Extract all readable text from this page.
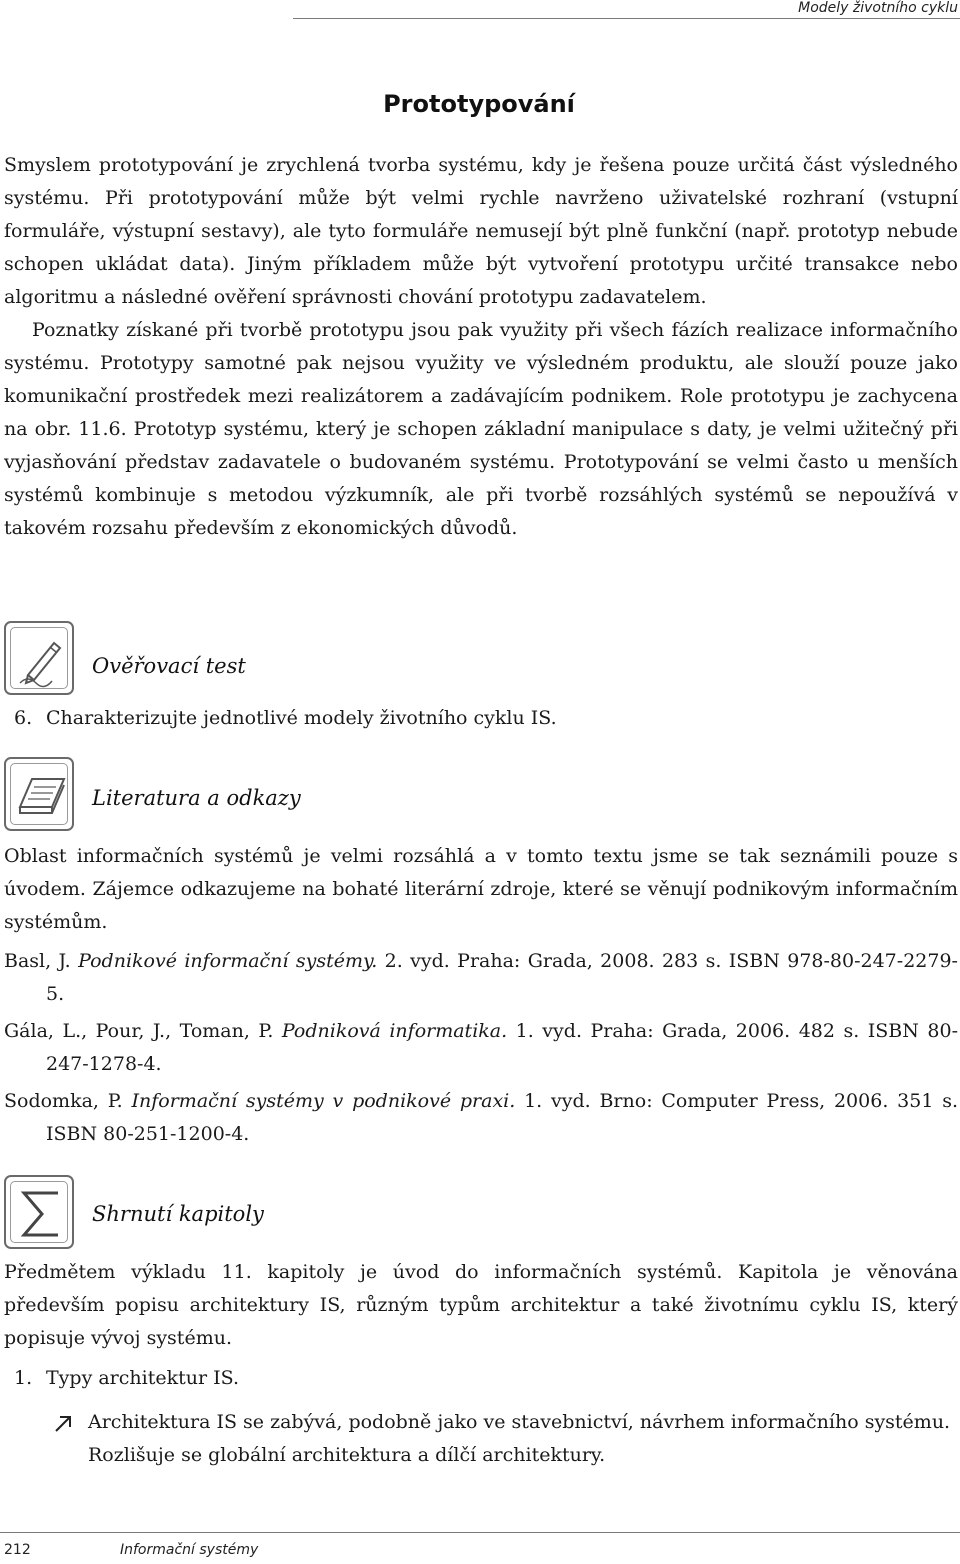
Modely životního cyklu
Prototypování

Smyslem prototypování je zrychlená tvorba systému, kdy je řešena pouze určitá část výsledného systému. Při prototypování může být velmi rychle navrženo uživatelské rozhraní (vstupní formuláře, výstupní sestavy), ale tyto formuláře nemusejí být plně funkční (např. prototyp nebude schopen ukládat data). Jiným příkladem může být vytvoření prototypu určité transakce nebo algoritmu a následné ověření správnosti chování prototypu zadavatelem.

Poznatky získané při tvorbě prototypu jsou pak využity při všech fázích realizace informačního systému. Prototypy samotné pak nejsou využity ve výsledném produktu, ale slouží pouze jako komunikační prostředek mezi realizátorem a zadávajícím podnikem. Role prototypu je zachycena na obr. 11.6. Prototyp systému, který je schopen základní manipulace s daty, je velmi užitečný při vyjasňování představ zadavatele o budovaném systému. Prototypování se velmi často u menších systémů kombinuje s metodou výzkumník, ale při tvorbě rozsáhlých systémů se nepoužívá v takovém rozsahu především z ekonomických důvodů.

Ověřovací test

6. Charakterizujte jednotlivé modely životního cyklu IS.

Literatura a odkazy

Oblast informačních systémů je velmi rozsáhlá a v tomto textu jsme se tak seznámili pouze s úvodem. Zájemce odkazujeme na bohaté literární zdroje, které se věnují podnikovým informačním systémům.

Basl, J. Podnikové informační systémy. 2. vyd. Praha: Grada, 2008. 283 s. ISBN 978-80-247-2279-5.

Gála, L., Pour, J., Toman, P. Podniková informatika. 1. vyd. Praha: Grada, 2006. 482 s. ISBN 80-247-1278-4.

Sodomka, P. Informační systémy v podnikové praxi. 1. vyd. Brno: Computer Press, 2006. 351 s. ISBN 80-251-1200-4.

Shrnutí kapitoly

Předmětem výkladu 11. kapitoly je úvod do informačních systémů. Kapitola je věnována především popisu architektury IS, různým typům architektur a také životnímu cyklu IS, který popisuje vývoj systému.

1. Typy architektur IS.

Architektura IS se zabývá, podobně jako ve stavebnictví, návrhem informačního systému. Rozlišuje se globální architektura a dílčí architektury.

212	Informační systémy
